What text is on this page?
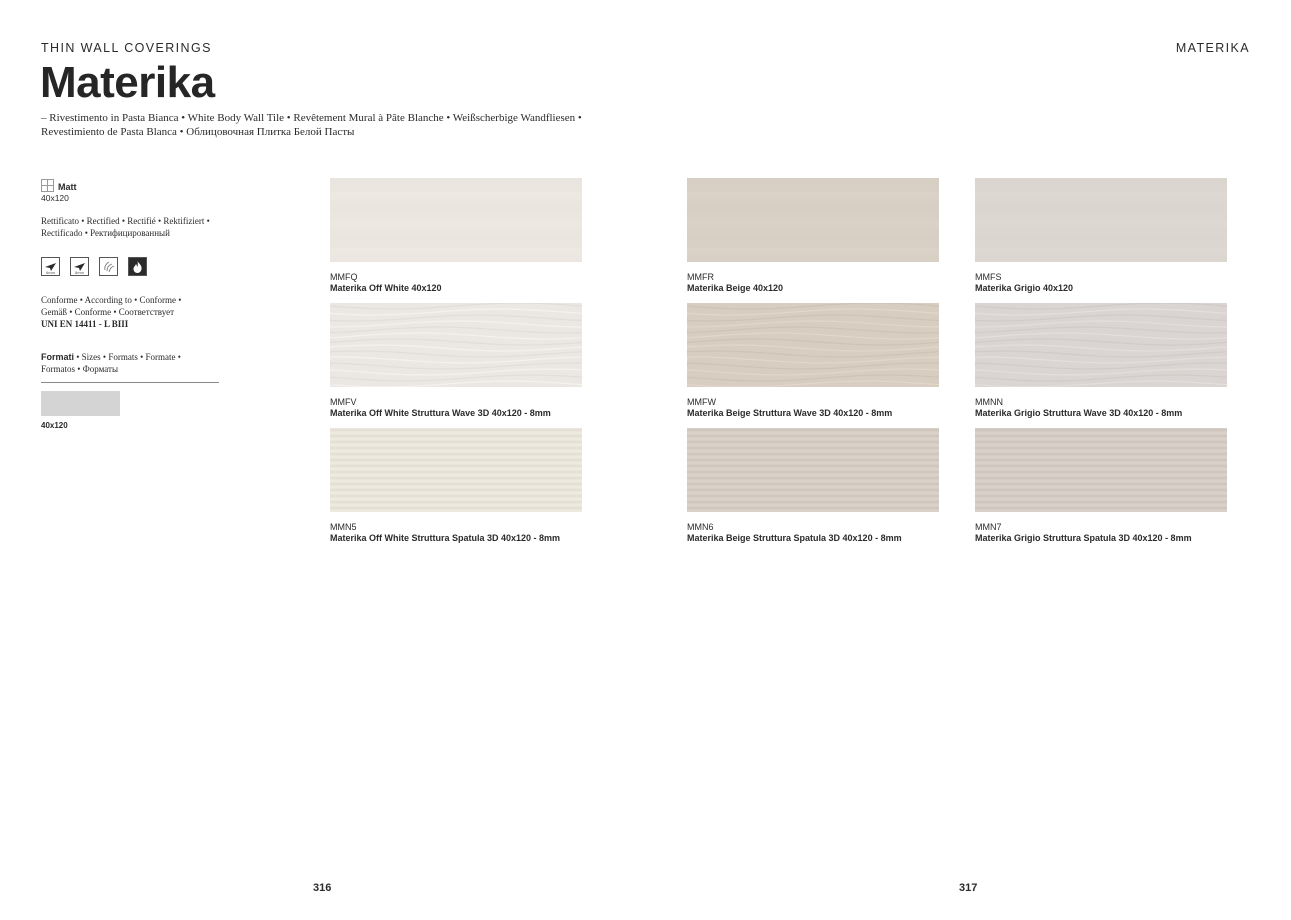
THIN WALL COVERINGS	MATERIKA
Materika
– Rivestimento in Pasta Bianca • White Body Wall Tile • Revêtement Mural à Pâte Blanche • Weißscherbige Wandfliesen •
Revestimiento de Pasta Blanca • Облицовочная Плитка Белой Пасты
Matt
40x120
Rettificato • Rectified • Rectifié • Rektifiziert •
Rectificado • Ректифицированный
6mm	8mm
Conforme • According to • Conforme •
Gemäß • Conforme • Соответствует
UNI EN 14411 - L BIII
Formati • Sizes • Formats • Formate •
Formatos • Форматы
40x120
MMFQ
Materika Off White 40x120
MMFR
Materika Beige 40x120
MMFS
Materika Grigio 40x120
MMFV
Materika Off White Struttura Wave 3D 40x120 - 8mm
MMFW
Materika Beige Struttura Wave 3D 40x120 - 8mm
MMNN
Materika Grigio Struttura Wave 3D 40x120 - 8mm
MMN5
Materika Off White Struttura Spatula 3D 40x120 - 8mm
MMN6
Materika Beige Struttura Spatula 3D 40x120 - 8mm
MMN7
Materika Grigio Struttura Spatula 3D 40x120 - 8mm
316	317
